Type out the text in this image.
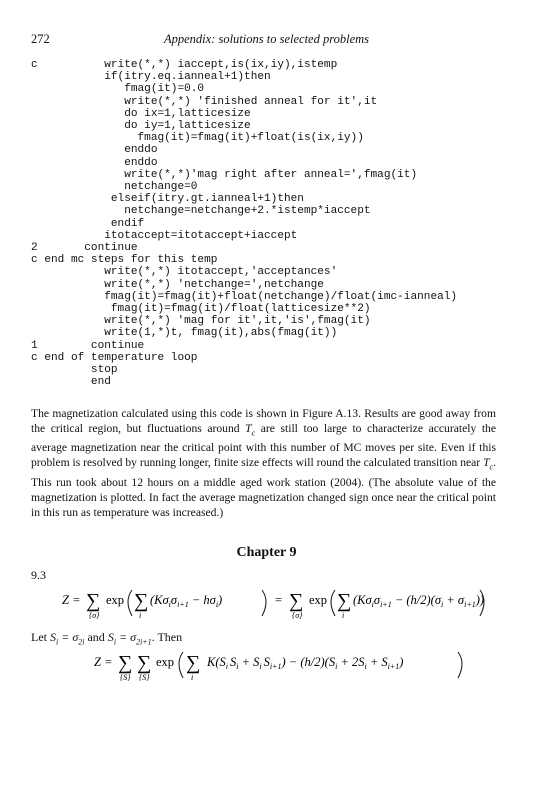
272	Appendix: solutions to selected problems
c          write(*,*) iaccept,is(ix,iy),istemp
if(itry.eq.ianneal+1)then
fmag(it)=0.0
write(*,*) 'finished anneal for it',it
do ix=1,latticesize
do iy=1,latticesize
fmag(it)=fmag(it)+float(is(ix,iy))
enddo
enddo
write(*,*)'mag right after anneal=',fmag(it)
netchange=0
elseif(itry.gt.ianneal+1)then
netchange=netchange+2.*istemp*iaccept
endif
itotaccept=itotaccept+iaccept
2       continue
c end mc steps for this temp
write(*,*) itotaccept,'acceptances'
write(*,*) 'netchange=',netchange
fmag(it)=fmag(it)+float(netchange)/float(imc-ianneal)
fmag(it)=fmag(it)/float(latticesize**2)
write(*,*) 'mag for it',it,'is',fmag(it)
write(1,*)t, fmag(it),abs(fmag(it))
1        continue
c end of temperature loop
stop
end

The magnetization calculated using this code is shown in Figure A.13. Results are good away from the critical region, but fluctuations around $T_c$ are still too large to characterize accurately the average magnetization near the critical point with this number of MC moves per site. Even if this problem is resolved by running longer, finite size effects will round the calculated transition near $T_c$. This run took about 12 hours on a middle aged work station (2004). (The absolute value of the magnetization is plotted. In fact the average magnetization changed sign once near the critical point in this run as temperature was increased.)

Chapter 9
9.3
Z = ∑
{σ}
exp ∑
i
$(K\sigma_i\sigma_{i+1} - h\sigma_i)$	= ∑
{σ}
exp ∑
i
$(K\sigma_i\sigma_{i+1} - (h/2)(\sigma_i + \sigma_{i+1}))$
Let $S_i = \sigma_{2i}$ and $S_i = \sigma_{2i+1}$. Then
Z = ∑
{S}
∑
{S}
exp ∑
i
$K(S_i$ $S_i + S_i$ $S_{i+1}) - (h/2)(S_i + 2S_i + S_{i+1})$
